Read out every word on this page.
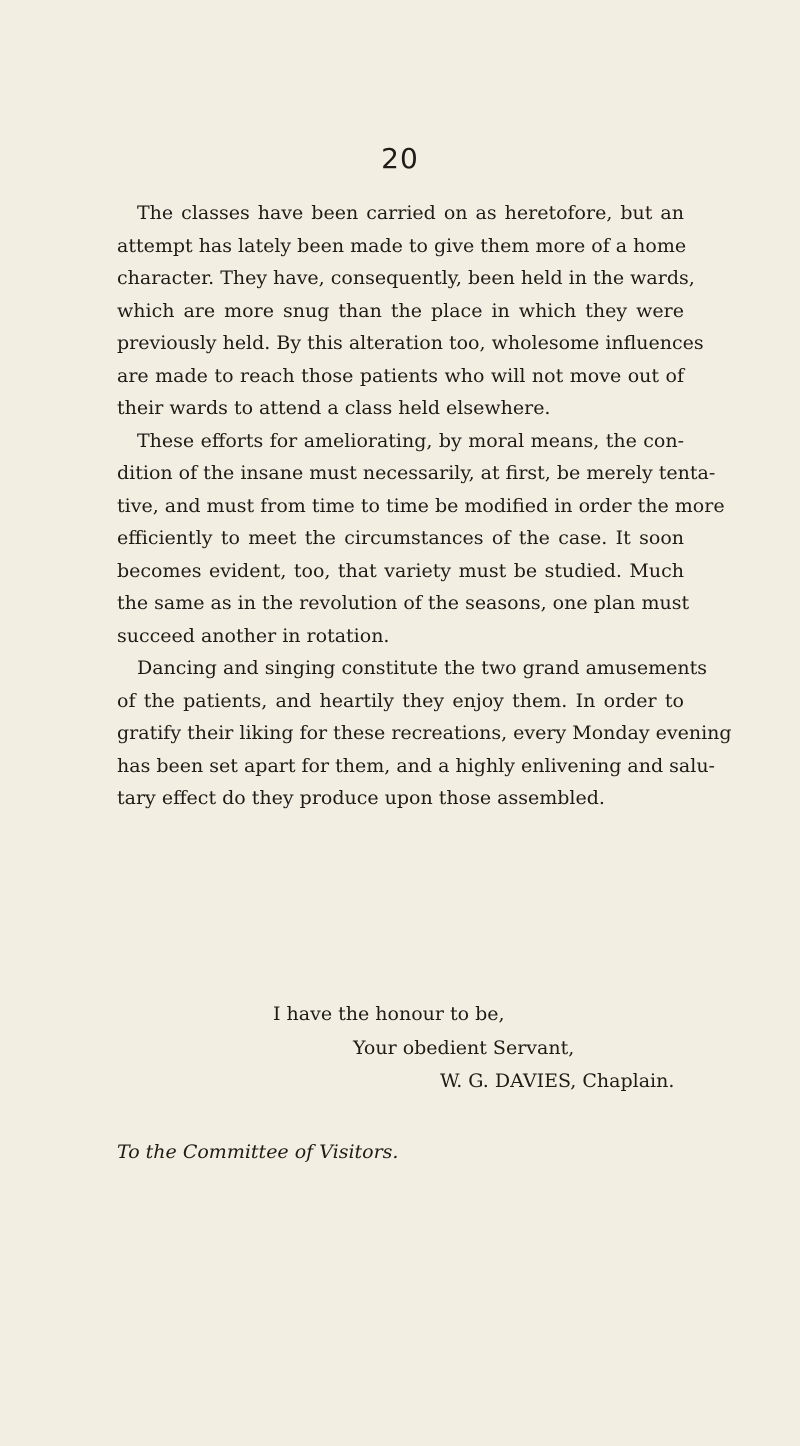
20
The classes have been carried on as heretofore, but an
attempt has lately been made to give them more of a home
character. They have, consequently, been held in the wards,
which are more snug than the place in which they were
previously held. By this alteration too, wholesome influences
are made to reach those patients who will not move out of
their wards to attend a class held elsewhere.
These efforts for ameliorating, by moral means, the con-
dition of the insane must necessarily, at first, be merely tenta-
tive, and must from time to time be modified in order the more
efficiently to meet the circumstances of the case. It soon
becomes evident, too, that variety must be studied. Much
the same as in the revolution of the seasons, one plan must
succeed another in rotation.
Dancing and singing constitute the two grand amusements
of the patients, and heartily they enjoy them. In order to
gratify their liking for these recreations, every Monday evening
has been set apart for them, and a highly enlivening and salu-
tary effect do they produce upon those assembled.
I have the honour to be,
Your obedient Servant,
W. G. DAVIES, Chaplain.
To the Committee of Visitors.
